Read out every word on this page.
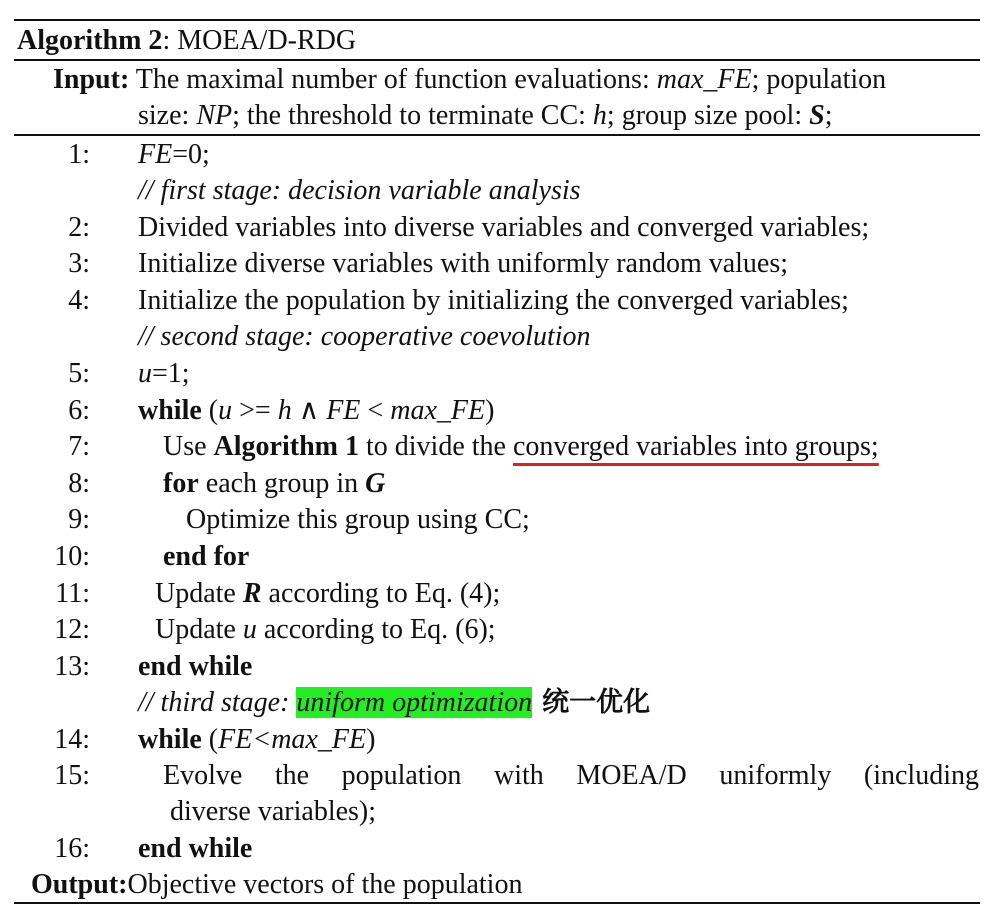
Algorithm 2: MOEA/D-RDG
Input: The maximal number of function evaluations: max_FE; population
size: NP; the threshold to terminate CC: h; group size pool: S;
1:
2:
3:
4:
5:
6:
7:
8:
9:
10:
11:
12:
13:
14:
15:
16:
FE=0;
// first stage: decision variable analysis
Divided variables into diverse variables and converged variables;
Initialize diverse variables with uniformly random values;
Initialize the population by initializing the converged variables;
// second stage: cooperative coevolution
u=1;
while (u >= h ∧ FE < max_FE)
Use Algorithm 1 to divide the converged variables into groups;
for each group in G
Optimize this group using CC;
end for
Update R according to Eq. (4);
Update u according to Eq. (6);
end while
// third stage: uniform optimization 统一优化
while (FE<max_FE)
Evolve the population with MOEA/D uniformly (including
diverse variables);
end while
Output:Objective vectors of the population
